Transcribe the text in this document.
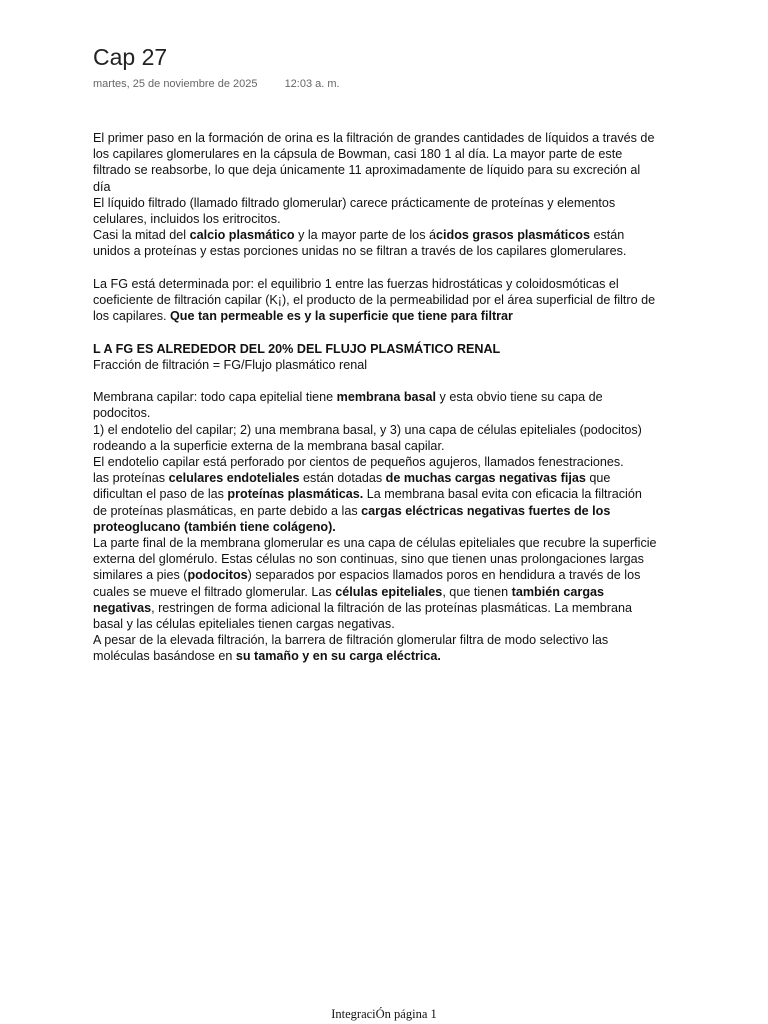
Cap 27
martes, 25 de noviembre de 2025 12:03 a. m.

El primer paso en la formación de orina es la filtración de grandes cantidades de líquidos a través de los capilares glomerulares en la cápsula de Bowman, casi 180 1 al día. La mayor parte de este filtrado se reabsorbe, lo que deja únicamente 11 aproximadamente de líquido para su excreción al día

El líquido filtrado (llamado filtrado glomerular) carece prácticamente de proteínas y elementos celulares, incluidos los eritrocitos.

Casi la mitad del calcio plasmático y la mayor parte de los ácidos grasos plasmáticos están unidos a proteínas y estas porciones unidas no se filtran a través de los capilares glomerulares.

La FG está determinada por: el equilibrio 1 entre las fuerzas hidrostáticas y coloidosmóticas el coeficiente de filtración capilar (K¡), el producto de la permeabilidad por el área superficial de filtro de los capilares. Que tan permeable es y la superficie que tiene para filtrar

L A FG ES ALREDEDOR DEL 20% DEL FLUJO PLASMÁTICO RENAL

Fracción de filtración = FG/Flujo plasmático renal

Membrana capilar: todo capa epitelial tiene membrana basal y esta obvio tiene su capa de podocitos.

1) el endotelio del capilar; 2) una membrana basal, y 3) una capa de células epiteliales (podocitos) rodeando a la superficie externa de la membrana basal capilar.

El endotelio capilar está perforado por cientos de pequeños agujeros, llamados fenestraciones.

las proteínas celulares endoteliales están dotadas de muchas cargas negativas fijas que dificultan el paso de las proteínas plasmáticas. La membrana basal evita con eficacia la filtración de proteínas plasmáticas, en parte debido a las cargas eléctricas negativas fuertes de los proteoglucano (también tiene colágeno).

La parte final de la membrana glomerular es una capa de células epiteliales que recubre la superficie externa del glomérulo. Estas células no son continuas, sino que tienen unas prolongaciones largas similares a pies (podocitos) separados por espacios llamados poros en hendidura a través de los cuales se mueve el filtrado glomerular. Las células epiteliales, que tienen también cargas negativas, restringen de forma adicional la filtración de las proteínas plasmáticas. La membrana basal y las células epiteliales tienen cargas negativas.

A pesar de la elevada filtración, la barrera de filtración glomerular filtra de modo selectivo las moléculas basándose en su tamaño y en su carga eléctrica.

IntegraciÓn página 1
